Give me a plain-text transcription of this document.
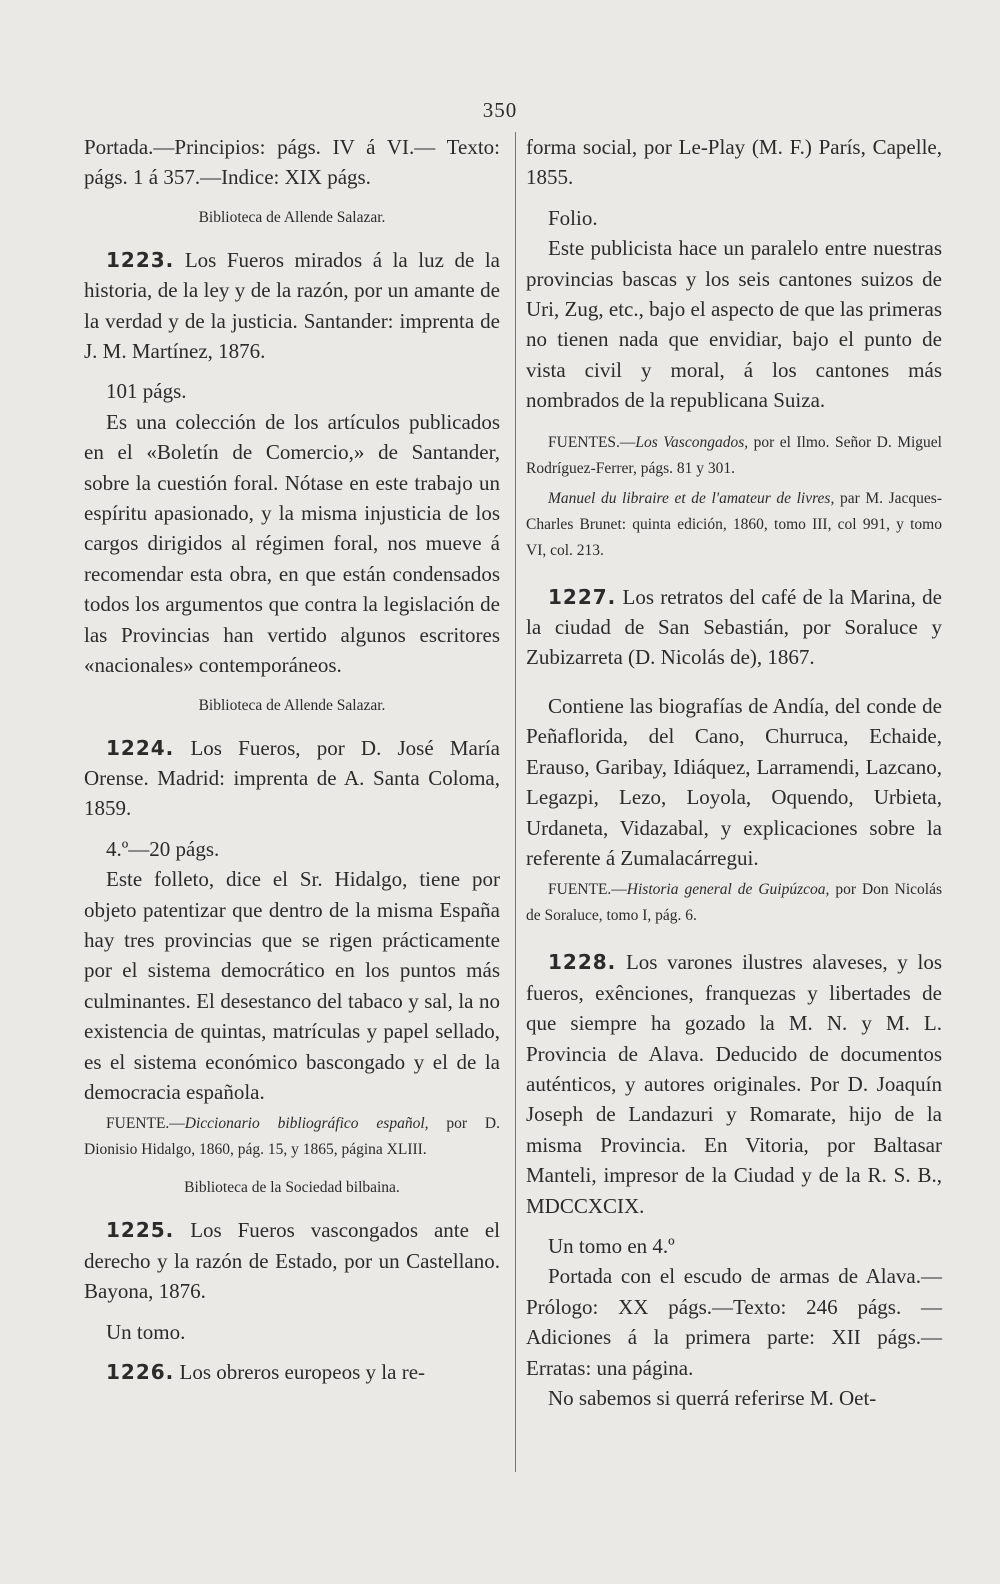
350

Portada.—Principios: págs. IV á VI.— Texto: págs. 1 á 357.—Indice: XIX págs.

Biblioteca de Allende Salazar.

1223. Los Fueros mirados á la luz de la historia, de la ley y de la razón, por un amante de la verdad y de la justicia. Santander: imprenta de J. M. Martínez, 1876.

101 págs.

Es una colección de los artículos publicados en el «Boletín de Comercio,» de Santander, sobre la cuestión foral. Nótase en este trabajo un espíritu apasionado, y la misma injusticia de los cargos dirigidos al régimen foral, nos mueve á recomendar esta obra, en que están condensados todos los argumentos que contra la legislación de las Provincias han vertido algunos escritores «nacionales» contemporáneos.

Biblioteca de Allende Salazar.

1224. Los Fueros, por D. José María Orense. Madrid: imprenta de A. Santa Coloma, 1859.

4.º—20 págs.

Este folleto, dice el Sr. Hidalgo, tiene por objeto patentizar que dentro de la misma España hay tres provincias que se rigen prácticamente por el sistema democrático en los puntos más culminantes. El desestanco del tabaco y sal, la no existencia de quintas, matrículas y papel sellado, es el sistema económico bascongado y el de la democracia española.

FUENTE.—Diccionario bibliográfico español, por D. Dionisio Hidalgo, 1860, pág. 15, y 1865, página XLIII.

Biblioteca de la Sociedad bilbaina.

1225. Los Fueros vascongados ante el derecho y la razón de Estado, por un Castellano. Bayona, 1876.

Un tomo.

1226. Los obreros europeos y la re-

forma social, por Le-Play (M. F.) París, Capelle, 1855.

Folio.

Este publicista hace un paralelo entre nuestras provincias bascas y los seis cantones suizos de Uri, Zug, etc., bajo el aspecto de que las primeras no tienen nada que envidiar, bajo el punto de vista civil y moral, á los cantones más nombrados de la republicana Suiza.

FUENTES.—Los Vascongados, por el Ilmo. Señor D. Miguel Rodríguez-Ferrer, págs. 81 y 301.

Manuel du libraire et de l'amateur de livres, par M. Jacques-Charles Brunet: quinta edición, 1860, tomo III, col 991, y tomo VI, col. 213.

1227. Los retratos del café de la Marina, de la ciudad de San Sebastián, por Soraluce y Zubizarreta (D. Nicolás de), 1867.

Contiene las biografías de Andía, del conde de Peñaflorida, del Cano, Churruca, Echaide, Erauso, Garibay, Idiáquez, Larramendi, Lazcano, Legazpi, Lezo, Loyola, Oquendo, Urbieta, Urdaneta, Vidazabal, y explicaciones sobre la referente á Zumalacárregui.

FUENTE.—Historia general de Guipúzcoa, por Don Nicolás de Soraluce, tomo I, pág. 6.

1228. Los varones ilustres alaveses, y los fueros, exênciones, franquezas y libertades de que siempre ha gozado la M. N. y M. L. Provincia de Alava. Deducido de documentos auténticos, y autores originales. Por D. Joaquín Joseph de Landazuri y Romarate, hijo de la misma Provincia. En Vitoria, por Baltasar Manteli, impresor de la Ciudad y de la R. S. B., MDCCXCIX.

Un tomo en 4.º

Portada con el escudo de armas de Alava.—Prólogo: XX págs.—Texto: 246 págs. —Adiciones á la primera parte: XII págs.— Erratas: una página.

No sabemos si querrá referirse M. Oet-
